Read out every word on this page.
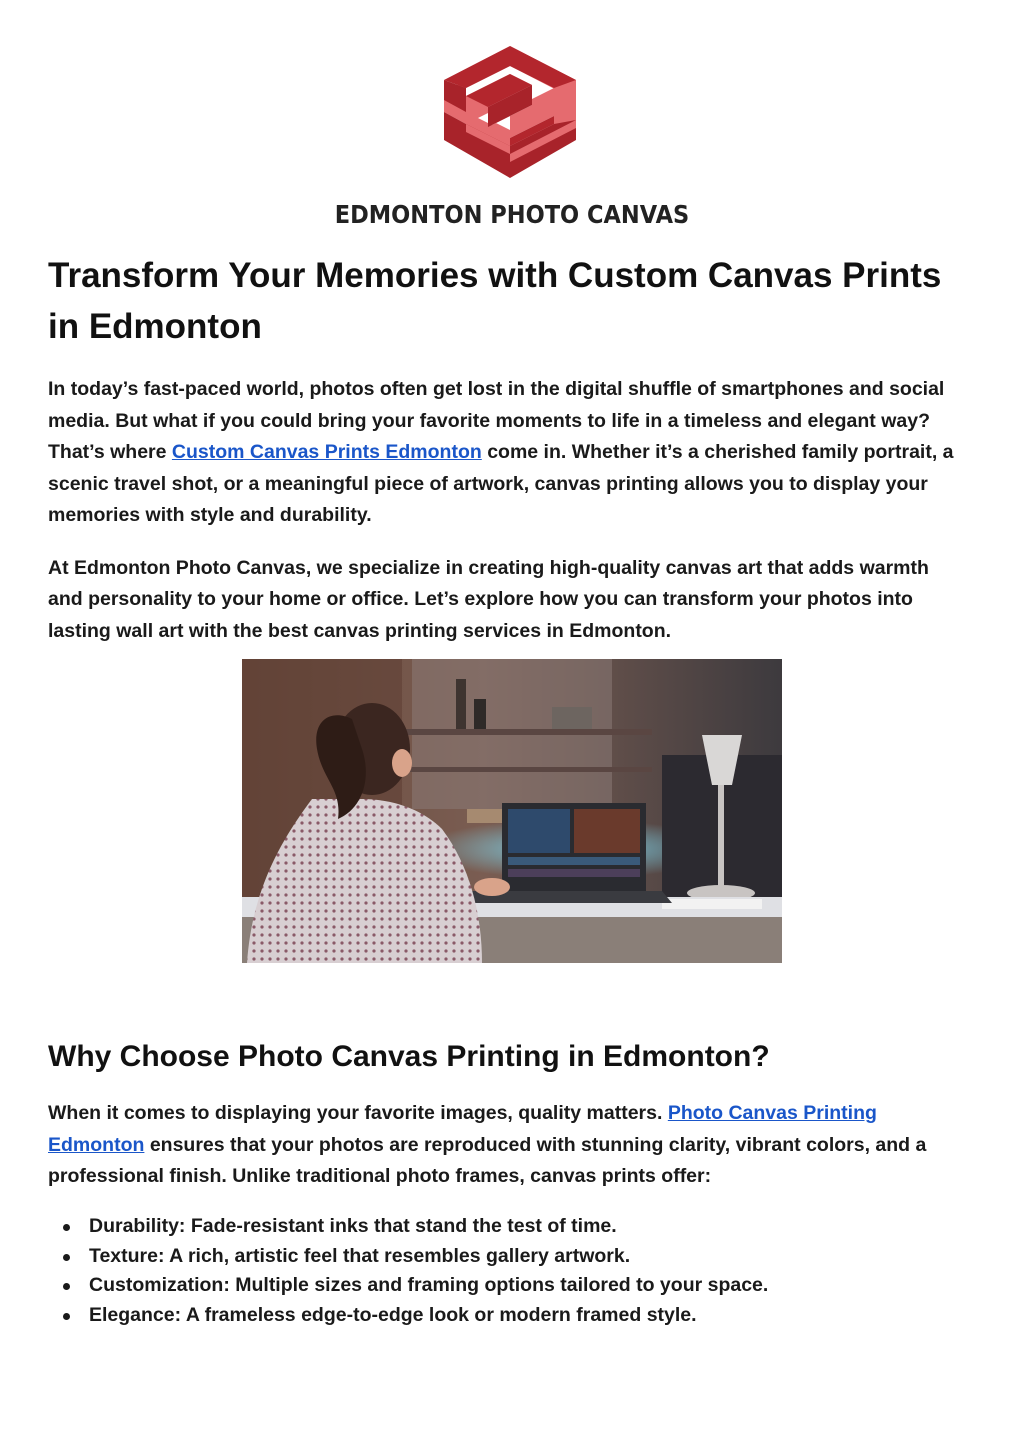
EDMONTON PHOTO CANVAS
Transform Your Memories with Custom Canvas Prints in Edmonton

In today’s fast-paced world, photos often get lost in the digital shuffle of smartphones and social media. But what if you could bring your favorite moments to life in a timeless and elegant way? That’s where Custom Canvas Prints Edmonton come in. Whether it’s a cherished family portrait, a scenic travel shot, or a meaningful piece of artwork, canvas printing allows you to display your memories with style and durability.

At Edmonton Photo Canvas, we specialize in creating high-quality canvas art that adds warmth and personality to your home or office. Let’s explore how you can transform your photos into lasting wall art with the best canvas printing services in Edmonton.

Why Choose Photo Canvas Printing in Edmonton?

When it comes to displaying your favorite images, quality matters. Photo Canvas Printing Edmonton ensures that your photos are reproduced with stunning clarity, vibrant colors, and a professional finish. Unlike traditional photo frames, canvas prints offer:

Durability: Fade-resistant inks that stand the test of time.
Texture: A rich, artistic feel that resembles gallery artwork.
Customization: Multiple sizes and framing options tailored to your space.
Elegance: A frameless edge-to-edge look or modern framed style.
